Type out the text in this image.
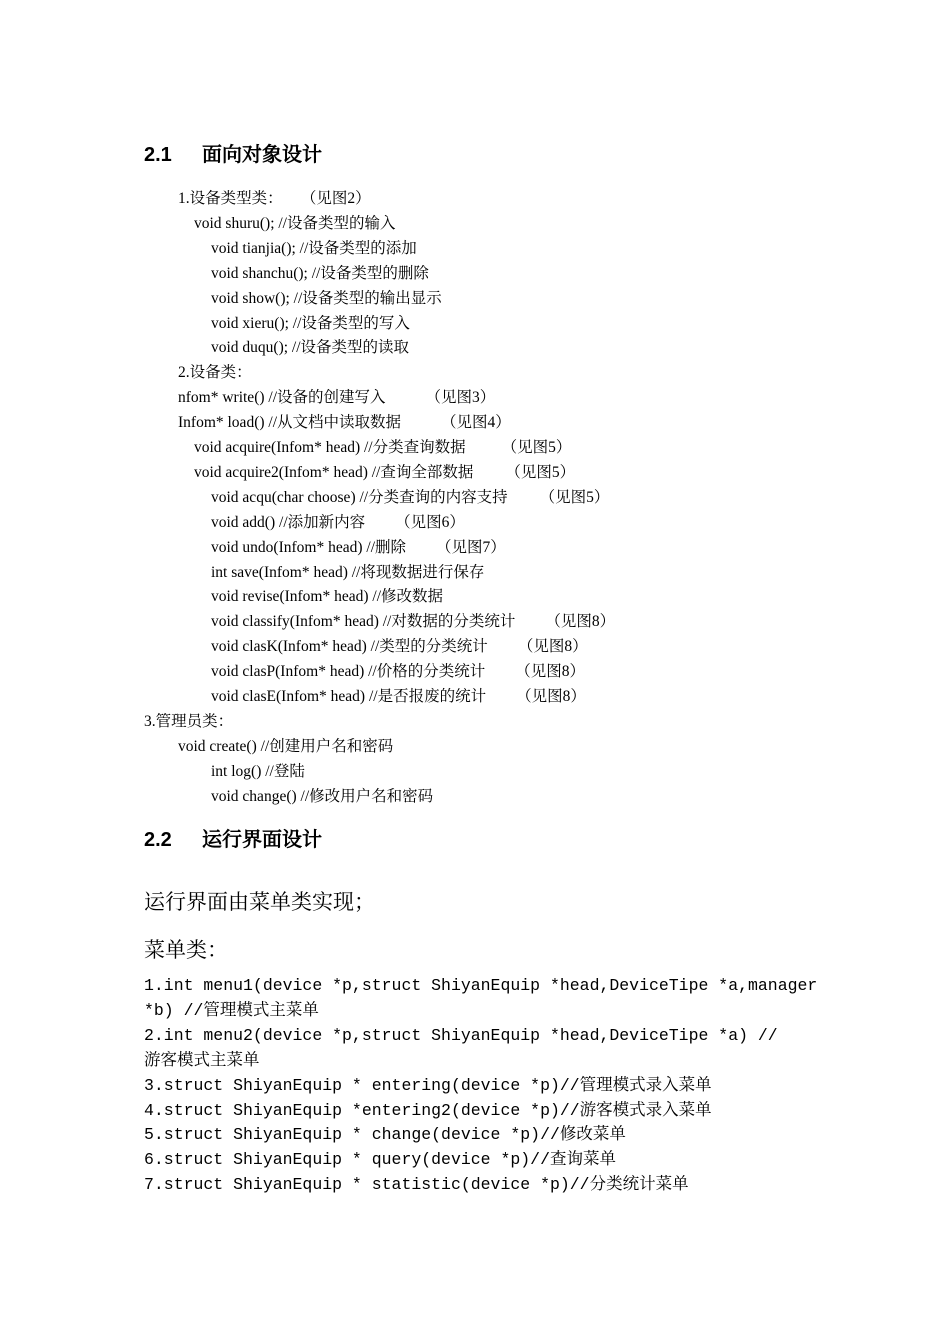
2.1 面向对象设计
1.设备类型类： （见图2）
void shuru(); //设备类型的输入
void tianjia(); //设备类型的添加
void shanchu(); //设备类型的删除
void show(); //设备类型的输出显示
void xieru(); //设备类型的写入
void duqu(); //设备类型的读取
2.设备类：
nfom* write() //设备的创建写入	（见图3）
Infom* load() //从文档中读取数据	（见图4）
void acquire(Infom* head) //分类查询数据 （见图5）
void acquire2(Infom* head) //查询全部数据 （见图5）
void acqu(char choose) //分类查询的内容支持 （见图5）
void add() //添加新内容 （见图6）
void undo(Infom* head) //删除 （见图7）
int save(Infom* head) //将现数据进行保存
void revise(Infom* head) //修改数据
void classify(Infom* head) //对数据的分类统计 （见图8）
void clasK(Infom* head) //类型的分类统计 （见图8）
void clasP(Infom* head) //价格的分类统计 （见图8）
void clasE(Infom* head) //是否报废的统计 （见图8）
3.管理员类：
void create() //创建用户名和密码
int log() //登陆
void change() //修改用户名和密码
2.2 运行界面设计
运行界面由菜单类实现；
菜单类：
1.int menu1(device *p,struct ShiyanEquip *head,DeviceTipe *a,manager
*b) //管理模式主菜单
2.int menu2(device *p,struct ShiyanEquip *head,DeviceTipe *a) //
游客模式主菜单
3.struct ShiyanEquip * entering(device *p)//管理模式录入菜单
4.struct ShiyanEquip *entering2(device *p)//游客模式录入菜单
5.struct ShiyanEquip * change(device *p)//修改菜单
6.struct ShiyanEquip * query(device *p)//查询菜单
7.struct ShiyanEquip * statistic(device *p)//分类统计菜单
